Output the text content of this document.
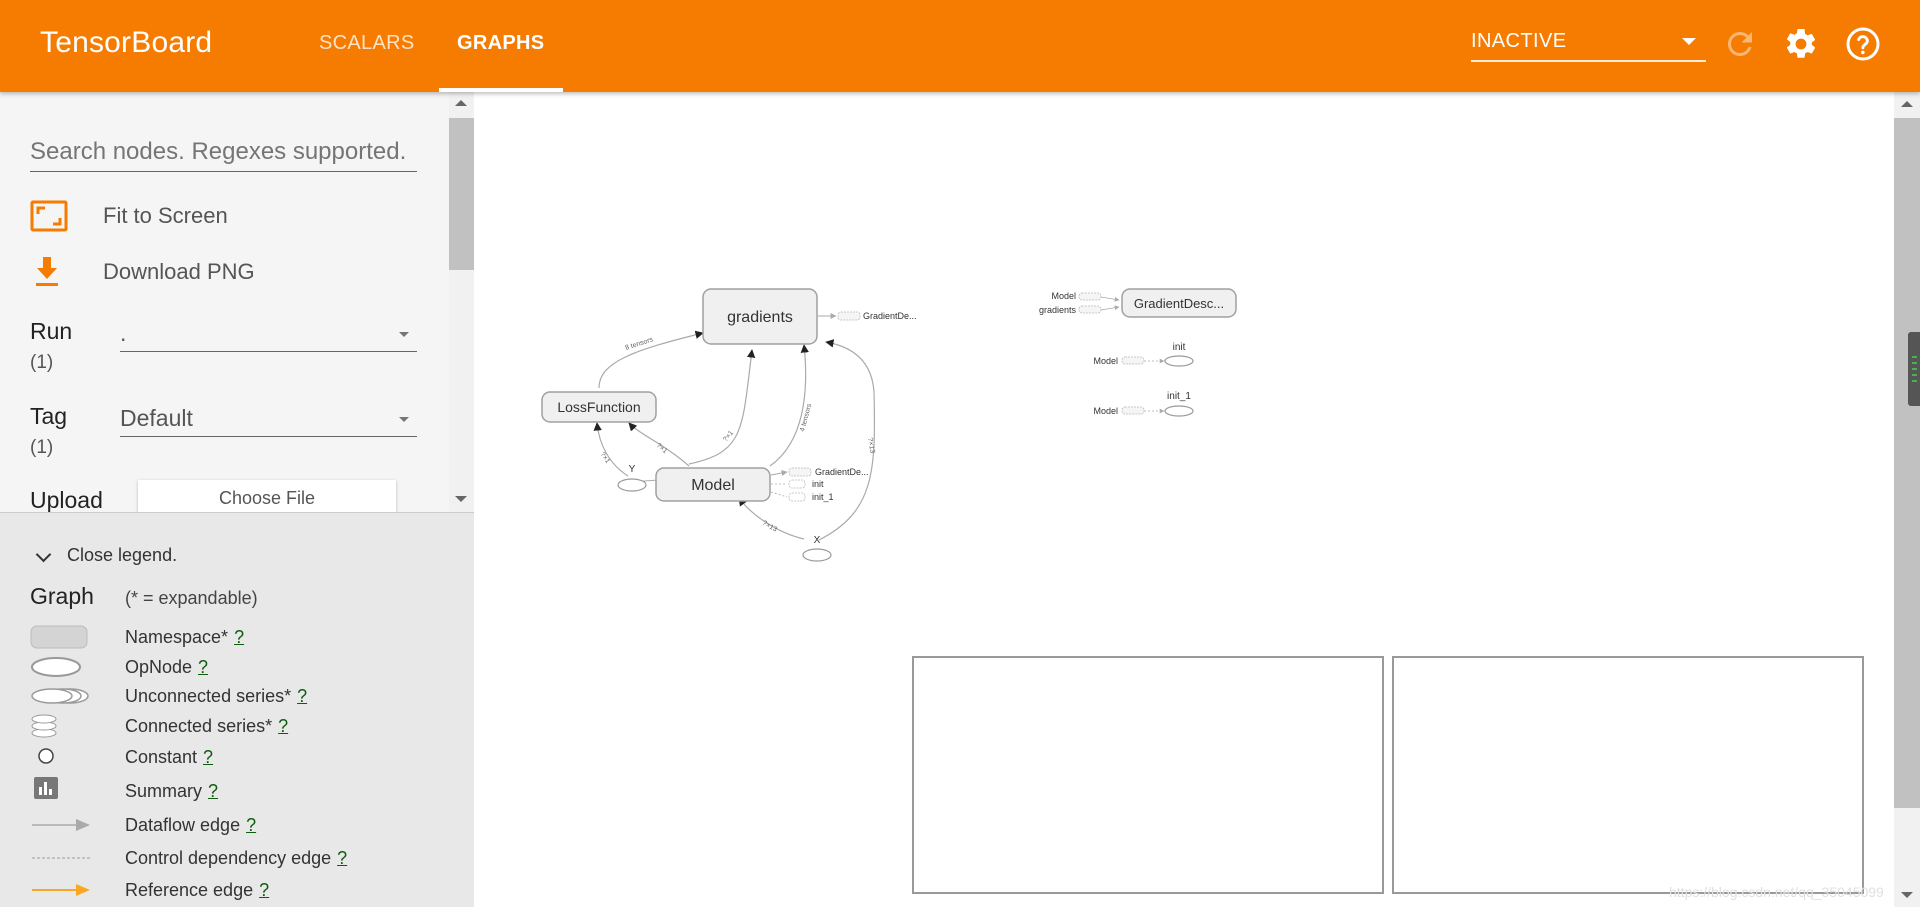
TensorBoard	SCALARS GRAPHS	INACTIVE
Search nodes. Regexes supported.
Fit to Screen
Download PNG
Run
(1)
.
Tag
(1)
Default
Upload	Choose File
Close legend.
Graph (* = expandable)
Namespace* ?
OpNode ?
Unconnected series* ?
Connected series* ?
Constant ?
Summary ?
Dataflow edge ?
Control dependency edge ?
Reference edge ?
8 tensors
4 tensors
?×1
?×1
?×1
?×13
?×13
gradients	GradientDe...
LossFunction
Model
GradientDe...
init
init_1
Y
X
Model
gradients	GradientDesc...
init
Model
init_1
Model
https://blog.csdn.net/qq_35045099
